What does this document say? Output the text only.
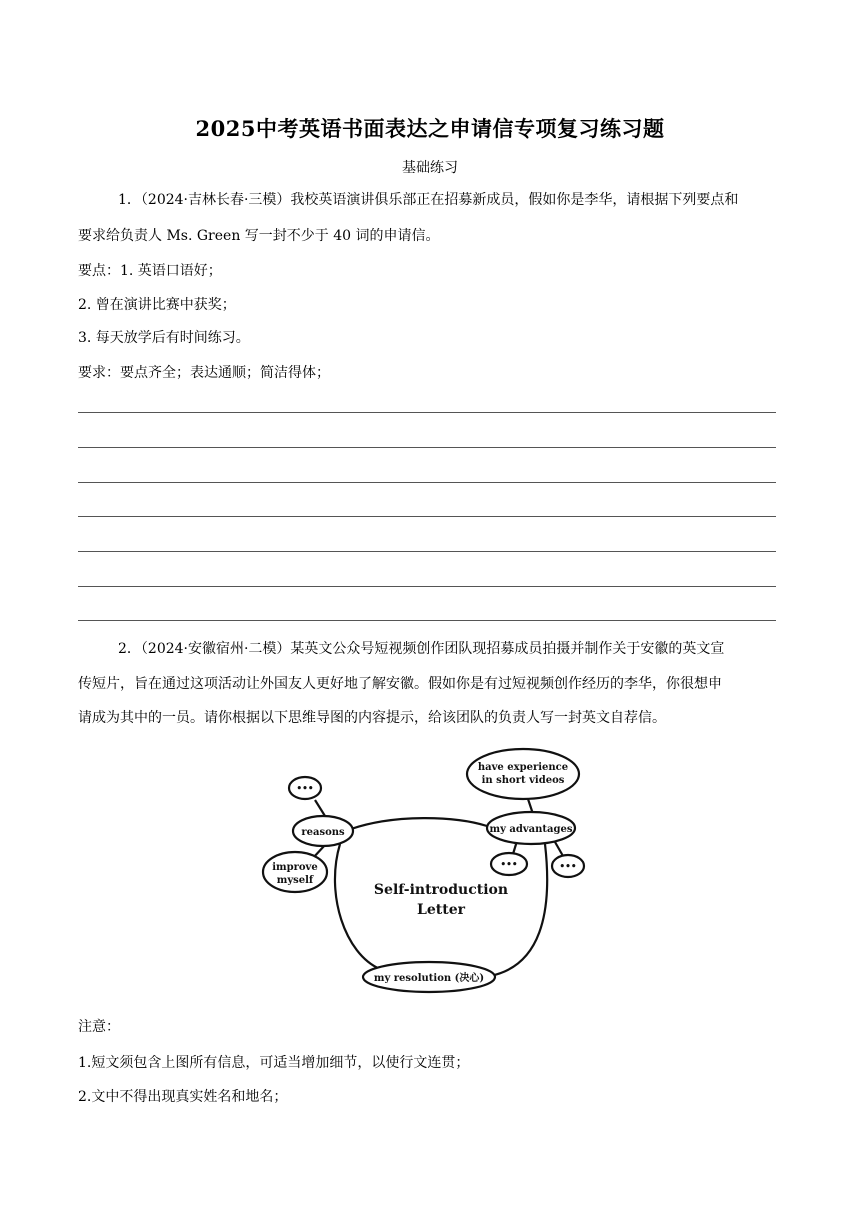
2025中考英语书面表达之申请信专项复习练习题
基础练习

1．（2024·吉林长春·三模）我校英语演讲俱乐部正在招募新成员，假如你是李华，请根据下列要点和

要求给负责人 Ms. Green 写一封不少于 40 词的申请信。

要点：1. 英语口语好；

2. 曾在演讲比赛中获奖；

3. 每天放学后有时间练习。

要求：要点齐全；表达通顺；简洁得体；

2．（2024·安徽宿州·二模）某英文公众号短视频创作团队现招募成员拍摄并制作关于安徽的英文宣

传短片，旨在通过这项活动让外国友人更好地了解安徽。假如你是有过短视频创作经历的李华，你很想申

请成为其中的一员。请你根据以下思维导图的内容提示，给该团队的负责人写一封英文自荐信。

•••
reasons
improve
myself
have experience
in short videos
my advantages
•••	•••
Self-introduction
Letter
my resolution (决心)

注意：

1.短文须包含上图所有信息，可适当增加细节，以使行文连贯；

2.文中不得出现真实姓名和地名；
